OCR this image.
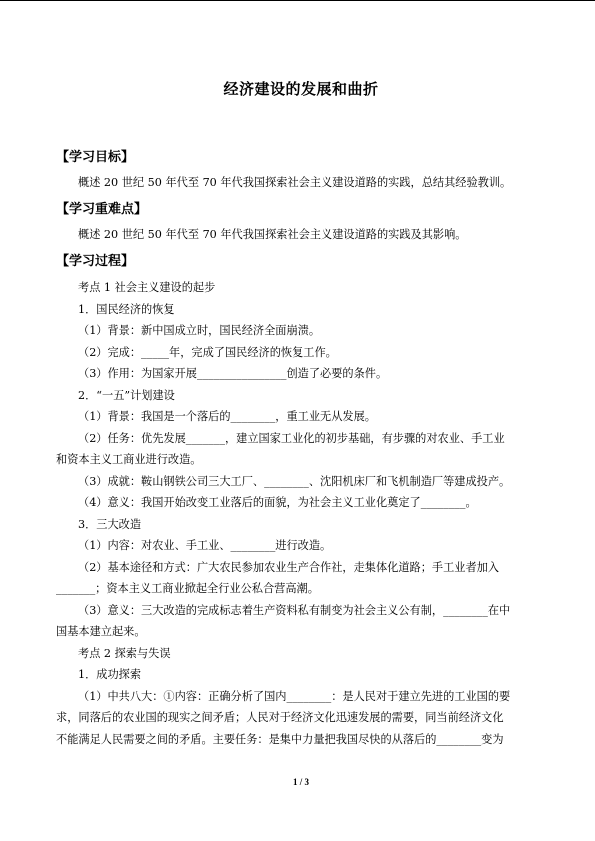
经济建设的发展和曲折
【学习目标】
概述 20 世纪 50 年代至 70 年代我国探索社会主义建设道路的实践，总结其经验教训。
【学习重难点】
概述 20 世纪 50 年代至 70 年代我国探索社会主义建设道路的实践及其影响。
【学习过程】
考点 1 社会主义建设的起步
1．国民经济的恢复
（1）背景：新中国成立时，国民经济全面崩溃。
（2）完成：_____年，完成了国民经济的恢复工作。
（3）作用：为国家开展________________创造了必要的条件。
2．“一五”计划建设
（1）背景：我国是一个落后的________，重工业无从发展。
（2）任务：优先发展_______，建立国家工业化的初步基础，有步骤的对农业、手工业
和资本主义工商业进行改造。
（3）成就：鞍山钢铁公司三大工厂、________、沈阳机床厂和飞机制造厂等建成投产。
（4）意义：我国开始改变工业落后的面貌，为社会主义工业化奠定了________。
3．三大改造
（1）内容：对农业、手工业、________进行改造。
（2）基本途径和方式：广大农民参加农业生产合作社，走集体化道路；手工业者加入
_______；资本主义工商业掀起全行业公私合营高潮。
（3）意义：三大改造的完成标志着生产资料私有制变为社会主义公有制，________在中
国基本建立起来。
考点 2 探索与失误
1．成功探索
（1）中共八大：①内容：正确分析了国内________：是人民对于建立先进的工业国的要
求，同落后的农业国的现实之间矛盾；人民对于经济文化迅速发展的需要，同当前经济文化
不能满足人民需要之间的矛盾。主要任务：是集中力量把我国尽快的从落后的________变为
1 / 3
